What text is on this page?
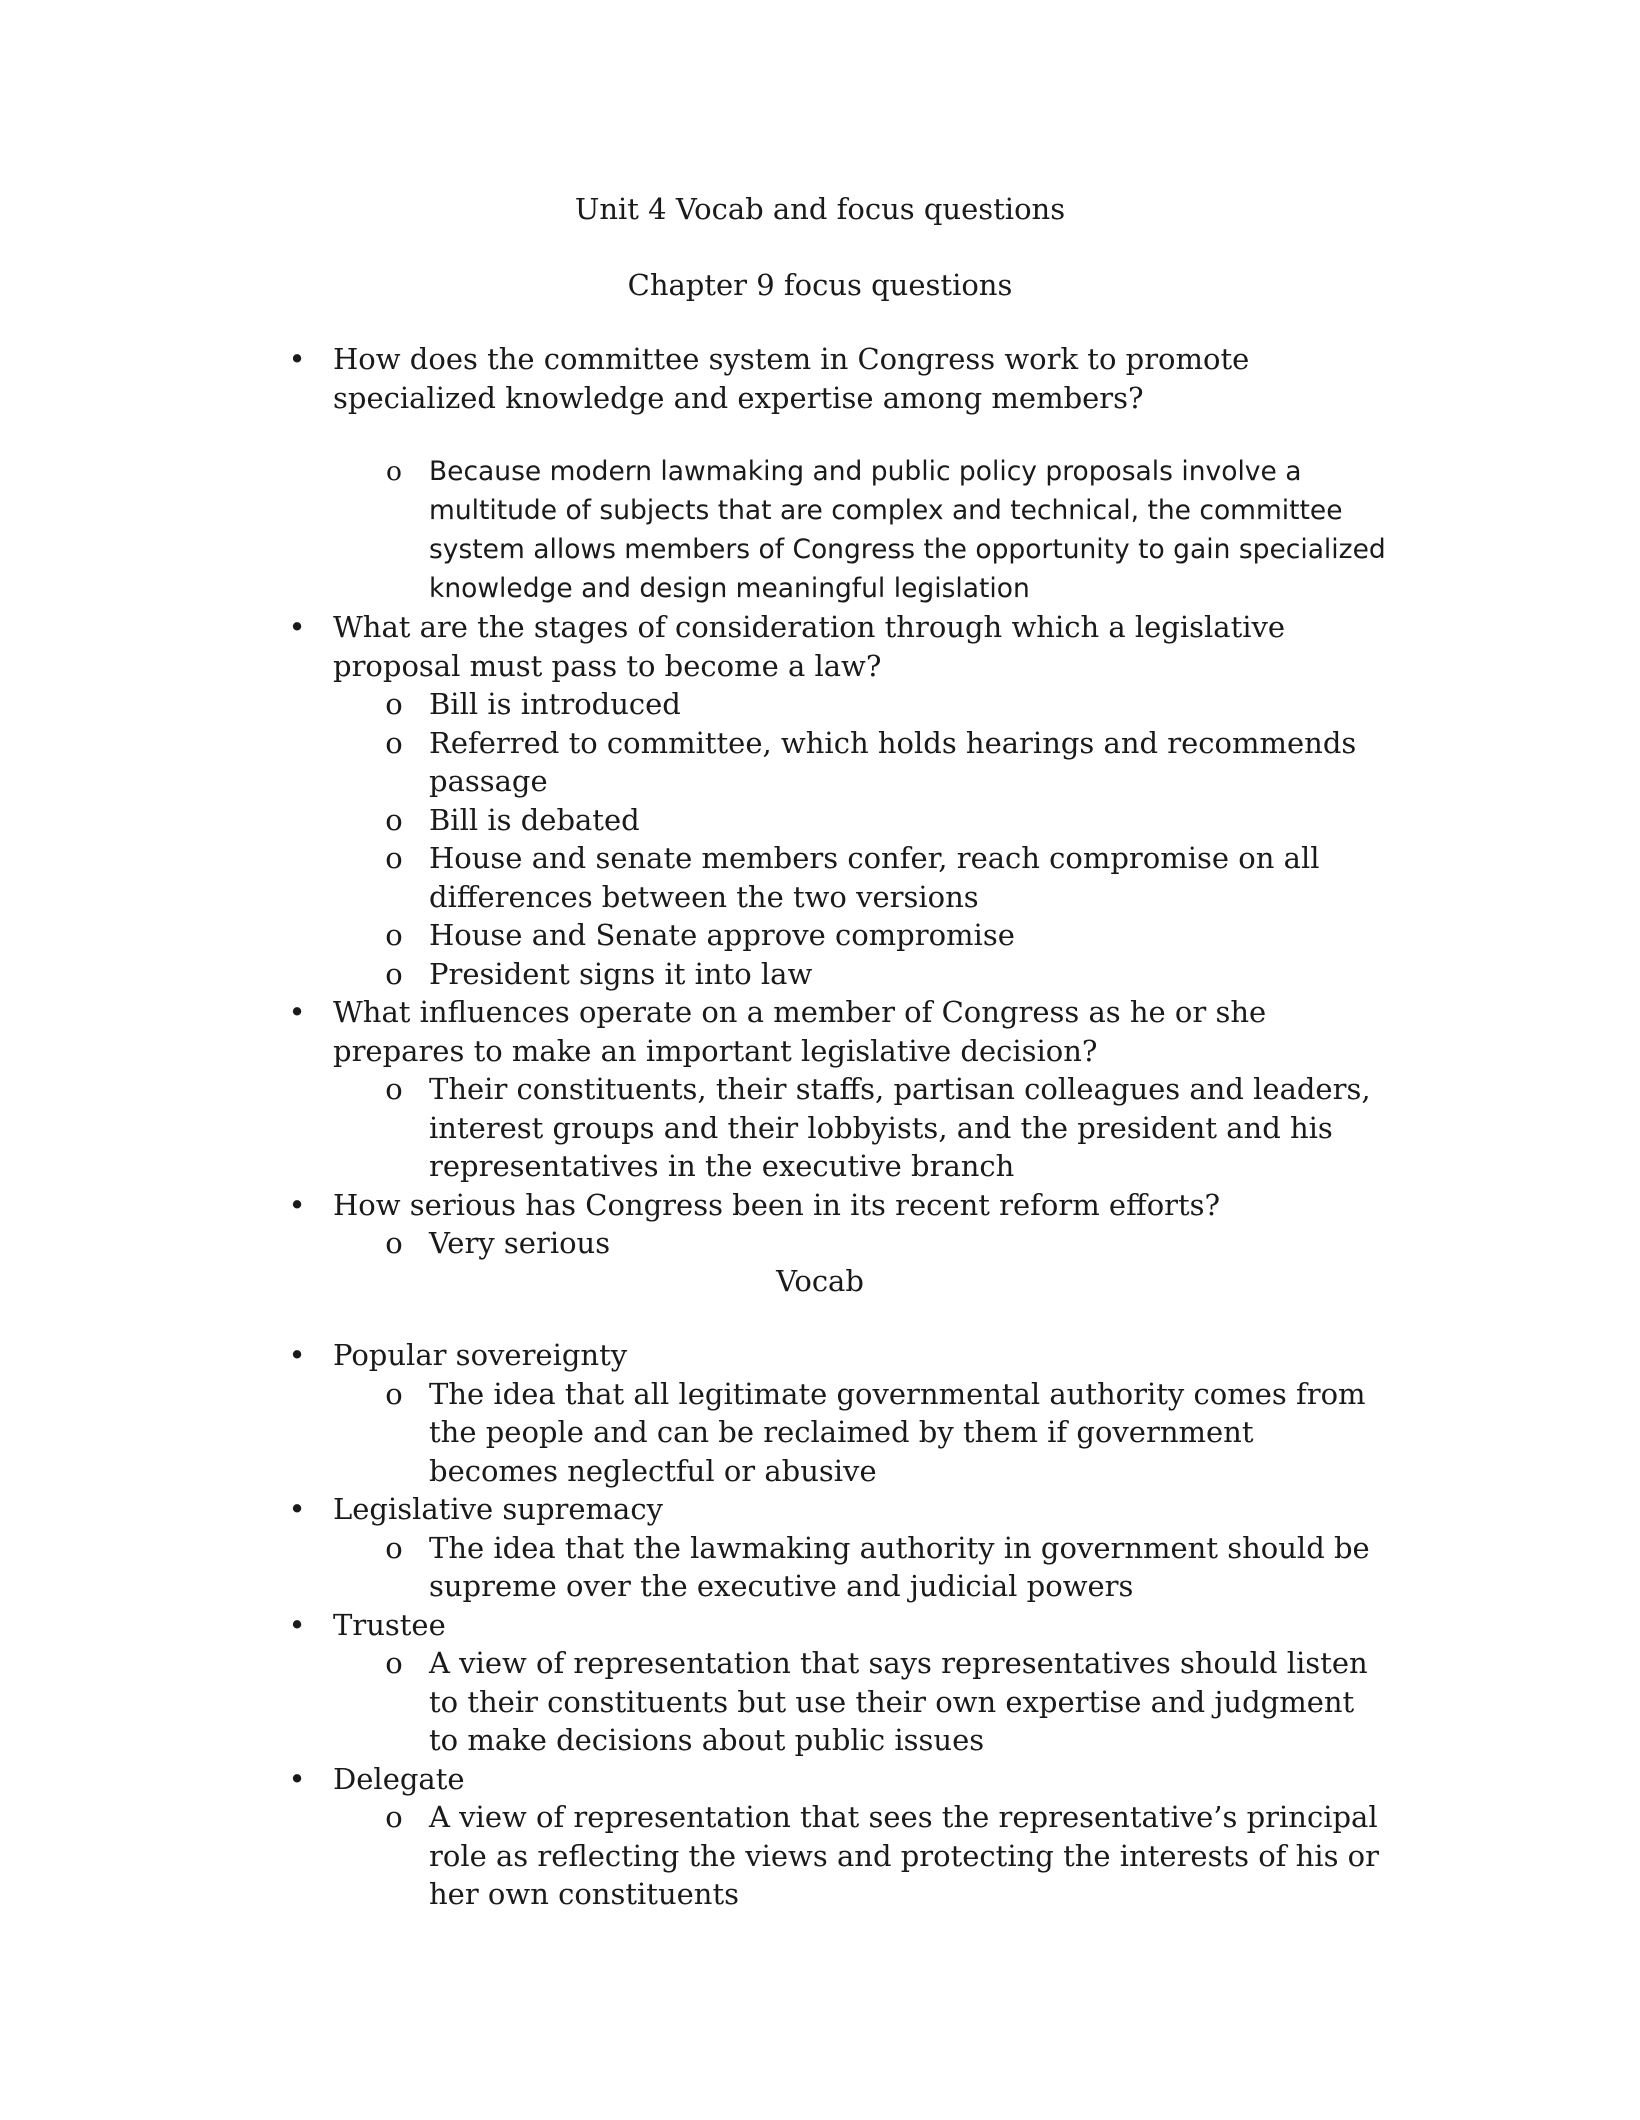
Unit 4 Vocab and focus questions
Chapter 9 focus questions
• How does the committee system in Congress work to promote specialized knowledge and expertise among members?
o Because modern lawmaking and public policy proposals involve a multitude of subjects that are complex and technical, the committee system allows members of Congress the opportunity to gain specialized knowledge and design meaningful legislation
• What are the stages of consideration through which a legislative proposal must pass to become a law?
o Bill is introduced
o Referred to committee, which holds hearings and recommends passage
o Bill is debated
o House and senate members confer, reach compromise on all differences between the two versions
o House and Senate approve compromise
o President signs it into law
• What influences operate on a member of Congress as he or she prepares to make an important legislative decision?
o Their constituents, their staffs, partisan colleagues and leaders, interest groups and their lobbyists, and the president and his representatives in the executive branch
• How serious has Congress been in its recent reform efforts?
o Very serious
Vocab
• Popular sovereignty
o The idea that all legitimate governmental authority comes from the people and can be reclaimed by them if government becomes neglectful or abusive
• Legislative supremacy
o The idea that the lawmaking authority in government should be supreme over the executive and judicial powers
• Trustee
o A view of representation that says representatives should listen to their constituents but use their own expertise and judgment to make decisions about public issues
• Delegate
o A view of representation that sees the representative’s principal role as reflecting the views and protecting the interests of his or her own constituents
